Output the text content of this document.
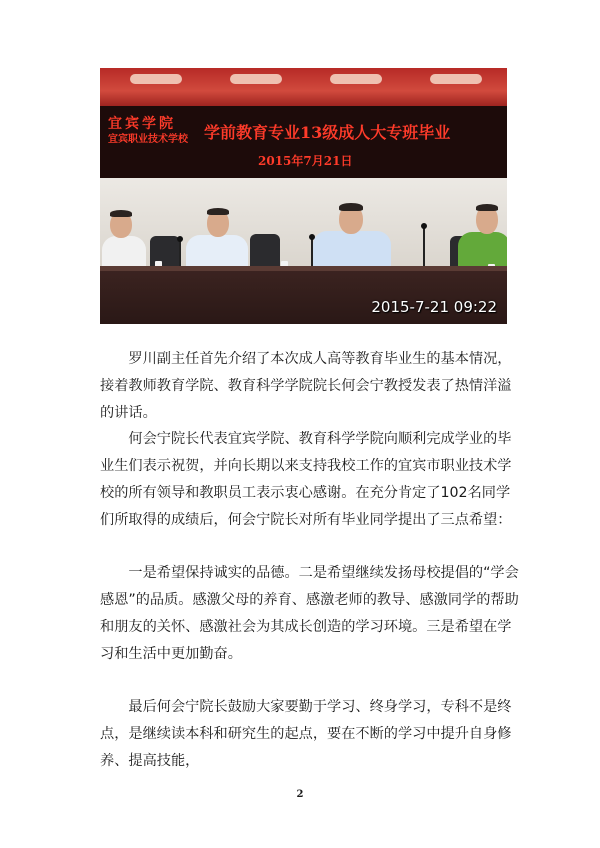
宜宾学院
宜宾职业技术学校 学前教育专业13级成人大专班毕业
2015年7月21日
2015-7-21 09:22

罗川副主任首先介绍了本次成人高等教育毕业生的基本情况，接着教师教育学院、教育科学学院院长何会宁教授发表了热情洋溢的讲话。

何会宁院长代表宜宾学院、教育科学学院向顺利完成学业的毕业生们表示祝贺，并向长期以来支持我校工作的宜宾市职业技术学校的所有领导和教职员工表示衷心感谢。在充分肯定了102名同学们所取得的成绩后，何会宁院长对所有毕业同学提出了三点希望：

一是希望保持诚实的品德。二是希望继续发扬母校提倡的“学会感恩”的品质。感激父母的养育、感激老师的教导、感激同学的帮助和朋友的关怀、感激社会为其成长创造的学习环境。三是希望在学习和生活中更加勤奋。

最后何会宁院长鼓励大家要勤于学习、终身学习，专科不是终点，是继续读本科和研究生的起点，要在不断的学习中提升自身修养、提高技能，

2
